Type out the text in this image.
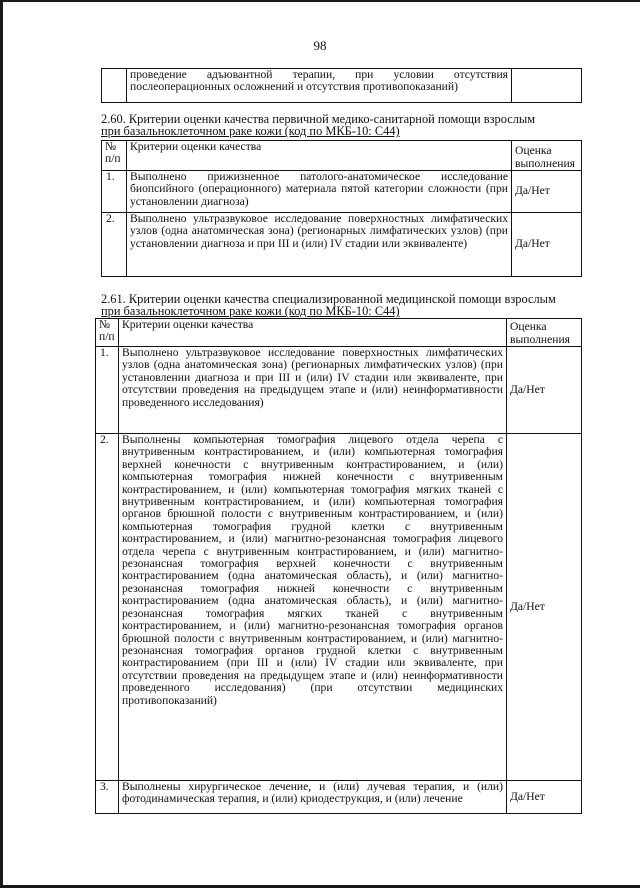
98
	проведение адъювантной терапии, при условии отсутствия послеоперационных осложнений и отсутствия противопоказаний)	
2.60. Критерии оценки качества первичной медико-санитарной помощи взрослым
при базальноклеточном раке кожи (код по МКБ-10: С44)
№ п/п	Критерии оценки качества	Оценка выполнения
1.	Выполнено прижизненное патолого-анатомическое исследование биопсийного (операционного) материала пятой категории сложности (при установлении диагноза)	Да/Нет
2.	Выполнено ультразвуковое исследование поверхностных лимфатических узлов (одна анатомическая зона) (регионарных лимфатических узлов) (при установлении диагноза и при III и (или) IV стадии или эквиваленте)	Да/Нет
2.61. Критерии оценки качества специализированной медицинской помощи взрослым
при базальноклеточном раке кожи (код по МКБ-10: С44)
№ п/п	Критерии оценки качества	Оценка выполнения
1.	Выполнено ультразвуковое исследование поверхностных лимфатических узлов (одна анатомическая зона) (регионарных лимфатических узлов) (при установлении диагноза и при III и (или) IV стадии или эквиваленте, при отсутствии проведения на предыдущем этапе и (или) неинформативности проведенного исследования)	Да/Нет
2.	Выполнены компьютерная томография лицевого отдела черепа с внутривенным контрастированием, и (или) компьютерная томография верхней конечности с внутривенным контрастированием, и (или) компьютерная томография нижней конечности с внутривенным контрастированием, и (или) компьютерная томография мягких тканей с внутривенным контрастированием, и (или) компьютерная томография органов брюшной полости с внутривенным контрастированием, и (или) компьютерная томография грудной клетки с внутривенным контрастированием, и (или) магнитно-резонансная томография лицевого отдела черепа с внутривенным контрастированием, и (или) магнитно-резонансная томография верхней конечности с внутривенным контрастированием (одна анатомическая область), и (или) магнитно-резонансная томография нижней конечности с внутривенным контрастированием (одна анатомическая область), и (или) магнитно-резонансная томография мягких тканей с внутривенным контрастированием, и (или) магнитно-резонансная томография органов брюшной полости с внутривенным контрастированием, и (или) магнитно-резонансная томография органов грудной клетки с внутривенным контрастированием (при III и (или) IV стадии или эквиваленте, при отсутствии проведения на предыдущем этапе и (или) неинформативности проведенного исследования) (при отсутствии медицинских противопоказаний)	Да/Нет
3.	Выполнены хирургическое лечение, и (или) лучевая терапия, и (или) фотодинамическая терапия, и (или) криодеструкция, и (или) лечение	Да/Нет
